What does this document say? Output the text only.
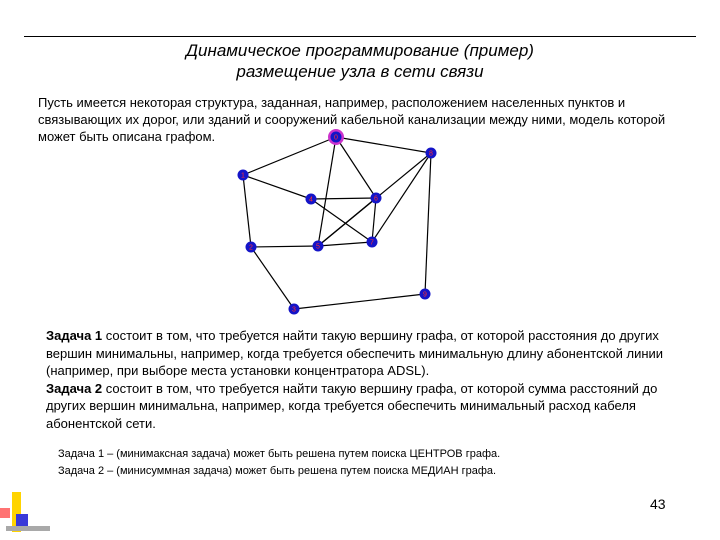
Динамическое программирование (пример)
размещение узла в сети связи
Пусть имеется некоторая структура, заданная, например, расположением населенных пунктов и связывающих их дорог, или зданий и сооружений кабельной канализации между ними, модель которой может быть описана графом.	0
1
2
3
4
5
6
7
8
9

Задача 1 состоит в том, что требуется найти такую вершину графа, от которой расстояния до других вершин минимальны, например, когда требуется обеспечить минимальную длину абонентской линии (например, при выборе места установки концентратора ADSL).

Задача 2 состоит в том, что требуется найти такую вершину графа, от которой сумма расстояний до других вершин минимальна, например, когда требуется обеспечить минимальный расход кабеля абонентской сети.

Задача 1 – (минимаксная задача) может быть решена путем поиска ЦЕНТРОВ графа.

Задача 2 – (минисуммная задача) может быть решена путем поиска МЕДИАН графа.

43
